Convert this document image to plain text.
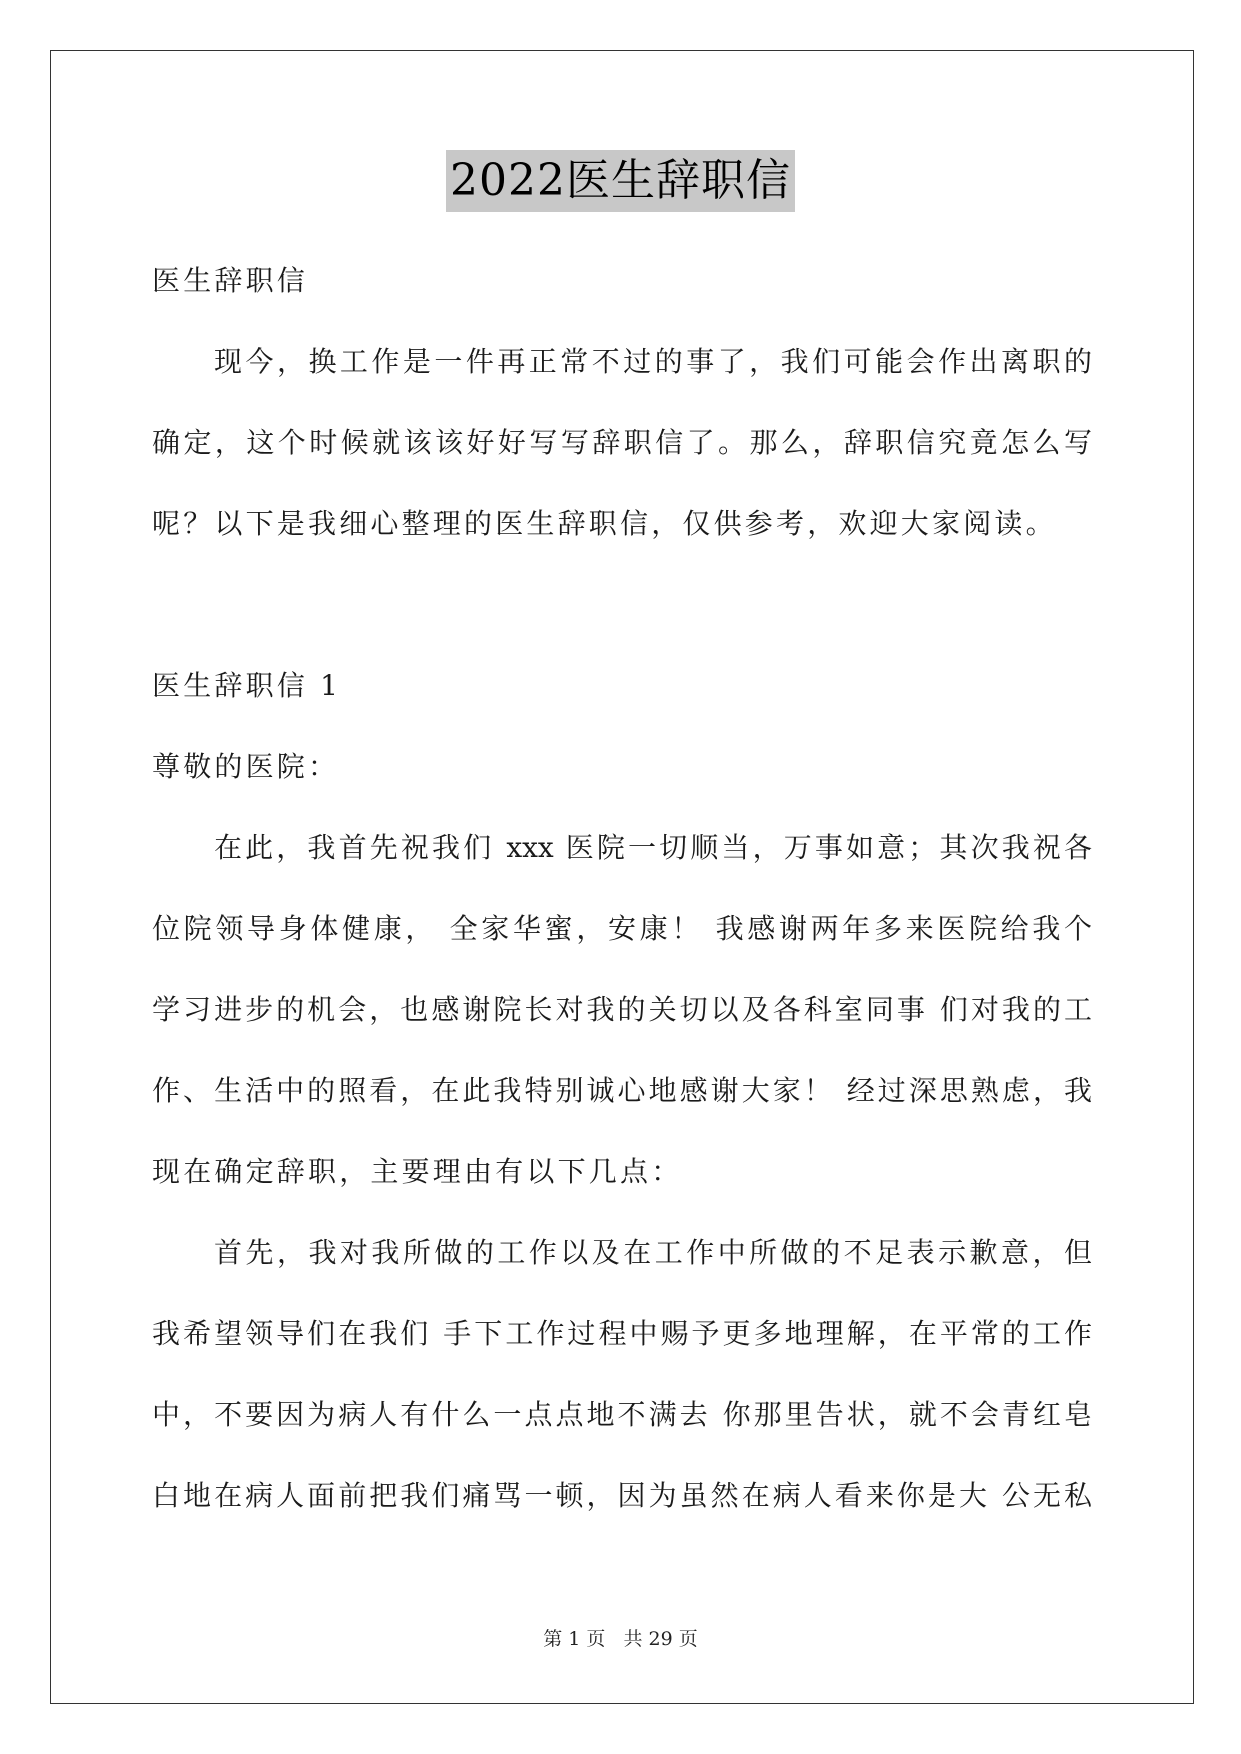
2022医生辞职信
医生辞职信
现今，换工作是一件再正常不过的事了，我们可能会作出离职的
确定，这个时候就该该好好写写辞职信了。那么，辞职信究竟怎么写
呢？以下是我细心整理的医生辞职信，仅供参考，欢迎大家阅读。
医生辞职信 1
尊敬的医院：
在此，我首先祝我们 xxx 医院一切顺当，万事如意；其次我祝各
位院领导身体健康， 全家华蜜，安康！ 我感谢两年多来医院给我个
学习进步的机会，也感谢院长对我的关切以及各科室同事 们对我的工
作、生活中的照看，在此我特别诚心地感谢大家！ 经过深思熟虑，我
现在确定辞职，主要理由有以下几点：
首先，我对我所做的工作以及在工作中所做的不足表示歉意，但
我希望领导们在我们 手下工作过程中赐予更多地理解，在平常的工作
中，不要因为病人有什么一点点地不满去 你那里告状，就不会青红皂
白地在病人面前把我们痛骂一顿，因为虽然在病人看来你是大 公无私
第 1 页 共 29 页
